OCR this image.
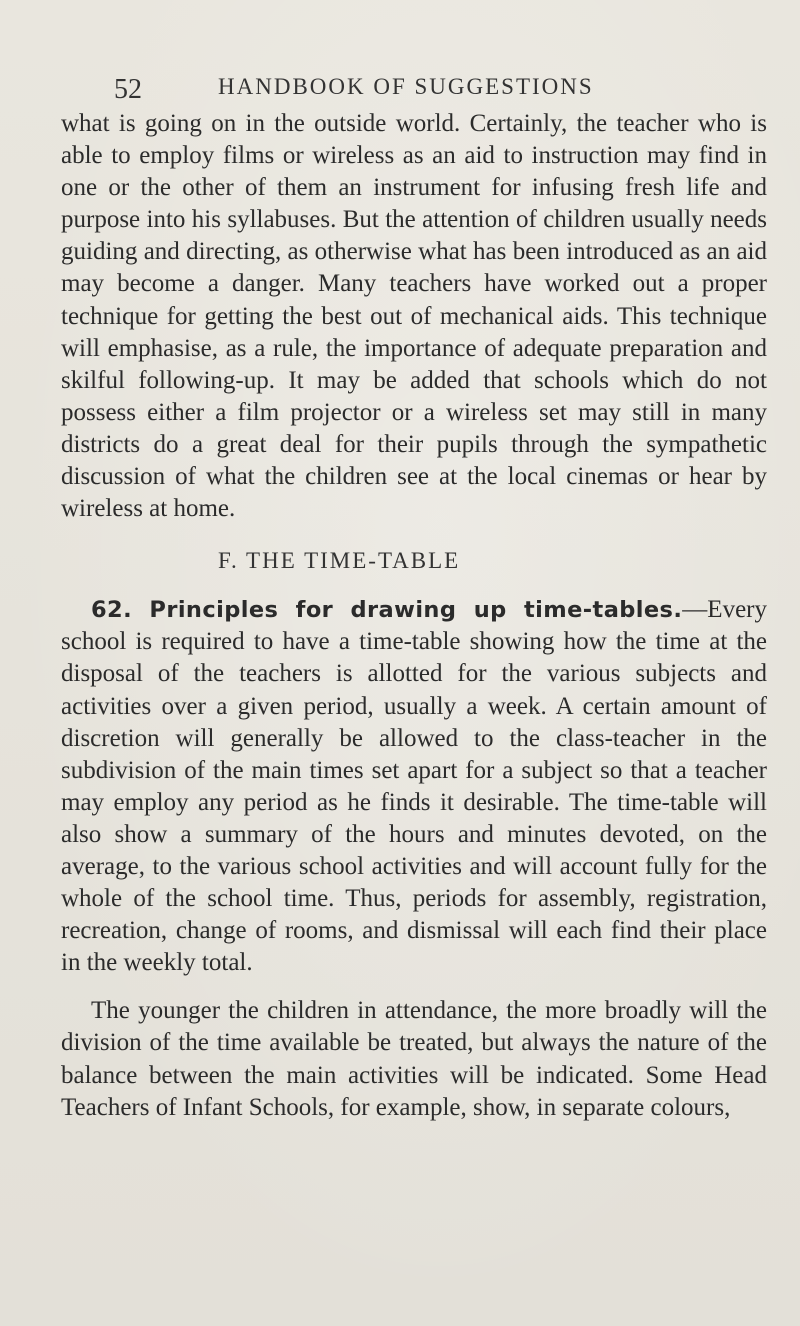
52	HANDBOOK OF SUGGESTIONS

what is going on in the outside world. Certainly, the teacher who is able to employ films or wireless as an aid to instruction may find in one or the other of them an instrument for infusing fresh life and purpose into his syllabuses. But the attention of children usually needs guiding and directing, as otherwise what has been introduced as an aid may become a danger. Many teachers have worked out a proper technique for getting the best out of mechanical aids. This technique will emphasise, as a rule, the importance of adequate preparation and skilful following-up. It may be added that schools which do not possess either a film projector or a wireless set may still in many districts do a great deal for their pupils through the sympathetic discussion of what the children see at the local cinemas or hear by wireless at home.

F. THE TIME-TABLE

62. Principles for drawing up time-tables.—Every school is required to have a time-table showing how the time at the disposal of the teachers is allotted for the various subjects and activities over a given period, usually a week. A certain amount of discretion will generally be allowed to the class-teacher in the subdivision of the main times set apart for a subject so that a teacher may employ any period as he finds it desirable. The time-table will also show a summary of the hours and minutes devoted, on the average, to the various school activities and will account fully for the whole of the school time. Thus, periods for assembly, registration, recreation, change of rooms, and dismissal will each find their place in the weekly total.

The younger the children in attendance, the more broadly will the division of the time available be treated, but always the nature of the balance between the main activities will be indicated. Some Head Teachers of Infant Schools, for example, show, in separate colours,
